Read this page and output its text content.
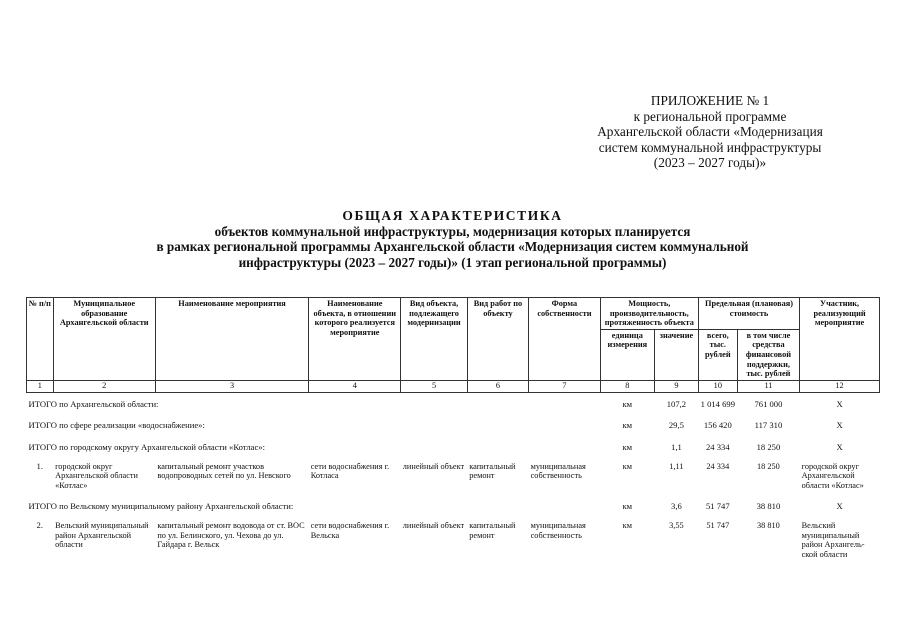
ПРИЛОЖЕНИЕ № 1
к региональной программе
Архангельской области «Модернизация
систем коммунальной инфраструктуры
(2023 – 2027 годы)»
ОБЩАЯ ХАРАКТЕРИСТИКА
объектов коммунальной инфраструктуры, модернизация которых планируется
в рамках региональной программы Архангельской области «Модернизация систем коммунальной
инфраструктуры (2023 – 2027 годы)» (1 этап региональной программы)
№ п/п	Муниципальное образование Архангельской области	Наименование мероприятия	Наименование объекта, в отношении которого реализуется мероприятие	Вид объекта, подлежащего модернизации	Вид работ по объекту	Форма собственности	Мощность, производительность, протяженность объекта		Предельная (плановая) стоимость		Участник, реализующий мероприятие
							единица измерения	значение	всего, тыс. рублей	в том числе средства финансовой поддержки, тыс. рублей	
1	2	3	4	5	6	7	8	9	10	11	12
ИТОГО по Архангельской области:							км	107,2	1 014 699	761 000	Х
ИТОГО по сфере реализации «водоснабжение»:							км	29,5	156 420	117 310	Х
ИТОГО по городскому округу Архангельской области «Котлас»:							км	1,1	24 334	18 250	Х
1.	городской округ Архангельской области «Котлас»	капитальный ремонт участков водопроводных сетей по ул. Невского	сети водоснабжения г. Котласа	линейный объект	капитальный ремонт	муниципальная собственность	км	1,11	24 334	18 250	городской округ Архангельской области «Котлас»
ИТОГО по Вельскому муниципальному району Архангельской области:							км	3,6	51 747	38 810	Х
2.	Вельский муниципальный район Архангельской области	капитальный ремонт водовода от ст. ВОС по ул. Белинского, ул. Чехова до ул. Гайдара г. Вельск	сети водоснабжения г. Вельска	линейный объект	капитальный ремонт	муниципальная собственность	км	3,55	51 747	38 810	Вельский муниципальный район Архангель-ской области
